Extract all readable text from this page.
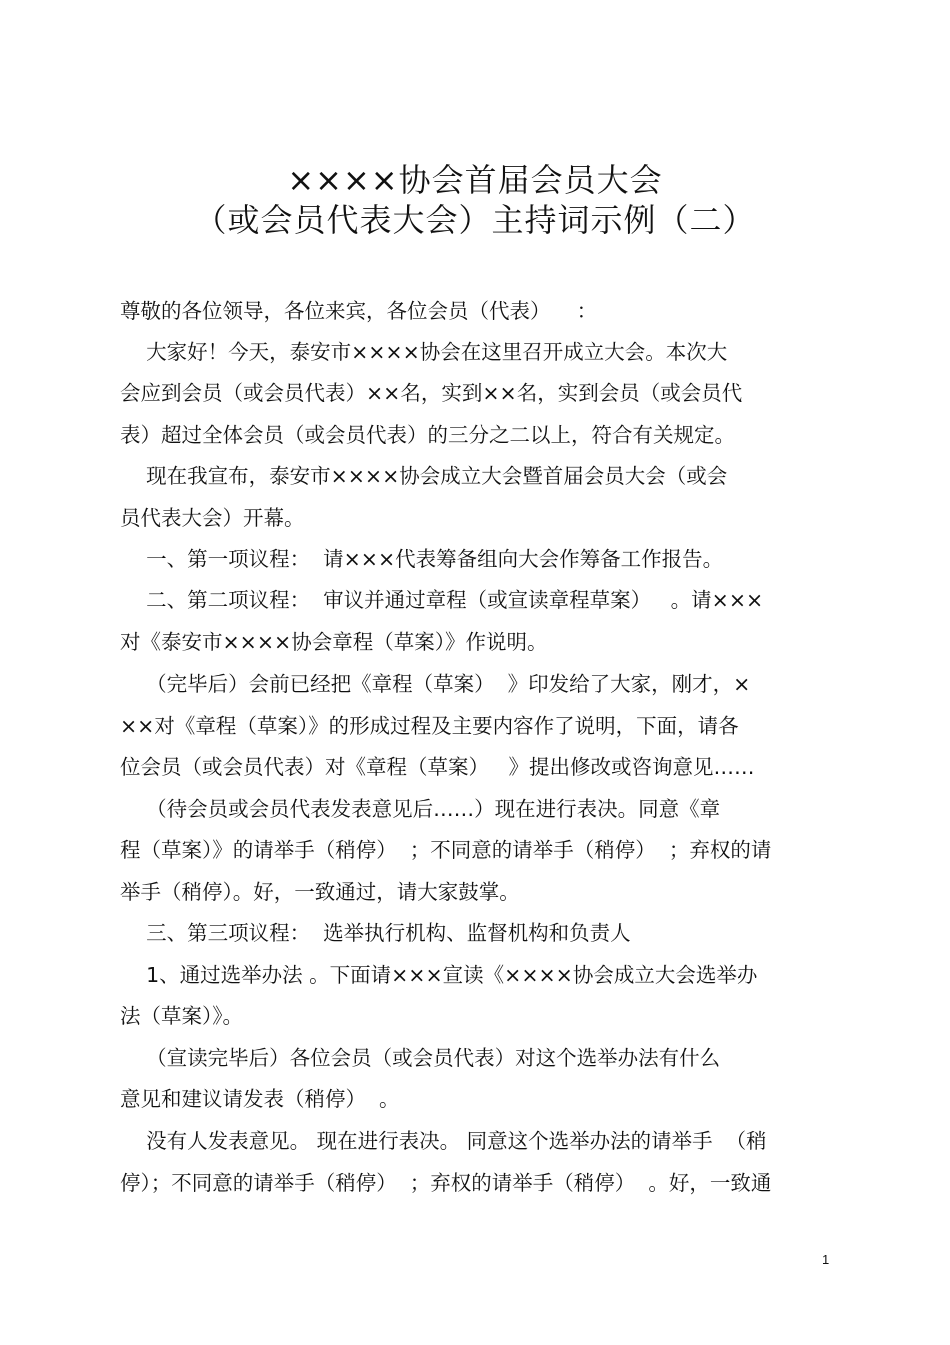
××××协会首届会员大会
（或会员代表大会）主持词示例（二）
尊敬的各位领导，各位来宾，各位会员（代表）    ：
大家好！今天，泰安市××××协会在这里召开成立大会。本次大
会应到会员（或会员代表）××名，实到××名，实到会员（或会员代
表）超过全体会员（或会员代表）的三分之二以上，符合有关规定。
现在我宣布，泰安市××××协会成立大会暨首届会员大会（或会
员代表大会）开幕。
一、第一项议程：  请×××代表筹备组向大会作筹备工作报告。
二、第二项议程：  审议并通过章程（或宣读章程草案）   。请×××
对《泰安市××××协会章程（草案）》作说明。
（完毕后）会前已经把《章程（草案）  》印发给了大家，刚才，×
××对《章程（草案）》的形成过程及主要内容作了说明，下面，请各
位会员（或会员代表）对《章程（草案）   》提出修改或咨询意见……
（待会员或会员代表发表意见后……）现在进行表决。同意《章
程（草案）》的请举手（稍停）  ；不同意的请举手（稍停）  ；弃权的请
举手（稍停）。好，一致通过，请大家鼓掌。
三、第三项议程：  选举执行机构、监督机构和负责人
1、通过选举办法 。下面请×××宣读《××××协会成立大会选举办
法（草案）》。
（宣读完毕后）各位会员（或会员代表）对这个选举办法有什么
意见和建议请发表（稍停）  。
没有人发表意见。 现在进行表决。 同意这个选举办法的请举手  （稍
停）；不同意的请举手（稍停）  ；弃权的请举手（稍停）  。好，一致通
1
